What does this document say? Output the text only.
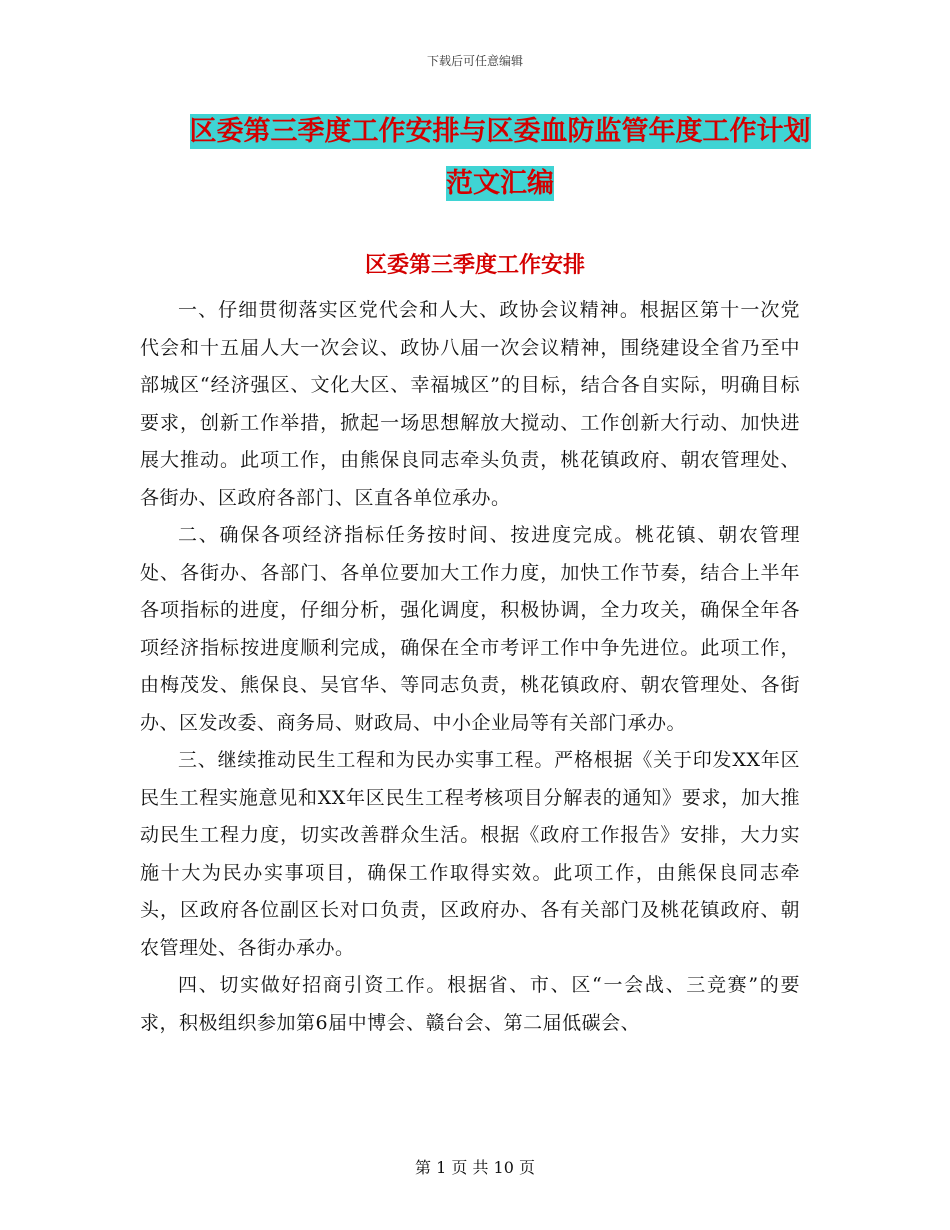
下载后可任意编辑
区委第三季度工作安排与区委血防监管年度工作计划
范文汇编
区委第三季度工作安排

一、仔细贯彻落实区党代会和人大、政协会议精神。根据区第十一次党代会和十五届人大一次会议、政协八届一次会议精神，围绕建设全省乃至中部城区“经济强区、文化大区、幸福城区”的目标，结合各自实际，明确目标要求，创新工作举措，掀起一场思想解放大搅动、工作创新大行动、加快进展大推动。此项工作，由熊保良同志牵头负责，桃花镇政府、朝农管理处、各街办、区政府各部门、区直各单位承办。

二、确保各项经济指标任务按时间、按进度完成。桃花镇、朝农管理处、各街办、各部门、各单位要加大工作力度，加快工作节奏，结合上半年各项指标的进度，仔细分析，强化调度，积极协调，全力攻关，确保全年各项经济指标按进度顺利完成，确保在全市考评工作中争先进位。此项工作，由梅茂发、熊保良、吴官华、等同志负责，桃花镇政府、朝农管理处、各街办、区发改委、商务局、财政局、中小企业局等有关部门承办。

三、继续推动民生工程和为民办实事工程。严格根据《关于印发XX年区民生工程实施意见和XX年区民生工程考核项目分解表的通知》要求，加大推动民生工程力度，切实改善群众生活。根据《政府工作报告》安排，大力实施十大为民办实事项目，确保工作取得实效。此项工作，由熊保良同志牵头，区政府各位副区长对口负责，区政府办、各有关部门及桃花镇政府、朝农管理处、各街办承办。

四、切实做好招商引资工作。根据省、市、区“一会战、三竞赛”的要求，积极组织参加第6届中博会、赣台会、第二届低碳会、

第 1 页 共 10 页
